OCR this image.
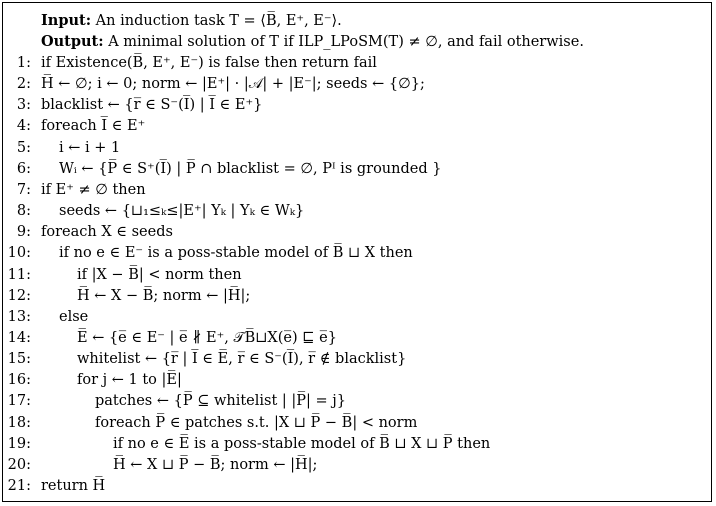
Input: An induction task T = ⟨B̅, E⁺, E⁻⟩.
Output: A minimal solution of T if ILP_LPoSM(T) ≠ ∅, and fail otherwise.
1: if Existence(B̅, E⁺, E⁻) is false then return fail
2: H̅ ← ∅; i ← 0; norm ← |E⁺| · |𝒜| + |E⁻|; seeds ← {∅};
3: blacklist ← {r̅ ∈ S⁻(I̅) | I̅ ∈ E⁺}
4: foreach I̅ ∈ E⁺
5: i ← i + 1
6: Wᵢ ← {P̅ ∈ S⁺(I̅) | P̅ ∩ blacklist = ∅, Pᴵ is grounded }
7: if E⁺ ≠ ∅ then
8: seeds ← {⊔₁≤ₖ≤|E⁺| Yₖ | Yₖ ∈ Wₖ}
9: foreach X ∈ seeds
10: if no e ∈ E⁻ is a poss-stable model of B̅ ⊔ X then
11:	if |X − B̅| < norm then
12:	H̅ ← X − B̅; norm ← |H̅|;
13: else
14:	E̅ ← {e̅ ∈ E⁻ | e̅ ∦ E⁺, 𝒯B̅⊔X(e̅) ⊑ e̅}
15:	whitelist ← {r̅ | I̅ ∈ E̅, r̅ ∈ S⁻(I̅), r̅ ∉ blacklist}
16:	for j ← 1 to |E̅|
17:	patches ← {P̅ ⊆ whitelist | |P̅| = j}
18:	foreach P̅ ∈ patches s.t. |X ⊔ P̅ − B̅| < norm
19:	if no e ∈ E̅ is a poss-stable model of B̅ ⊔ X ⊔ P̅ then
20:	H̅ ← X ⊔ P̅ − B̅; norm ← |H̅|;
21: return H̅
